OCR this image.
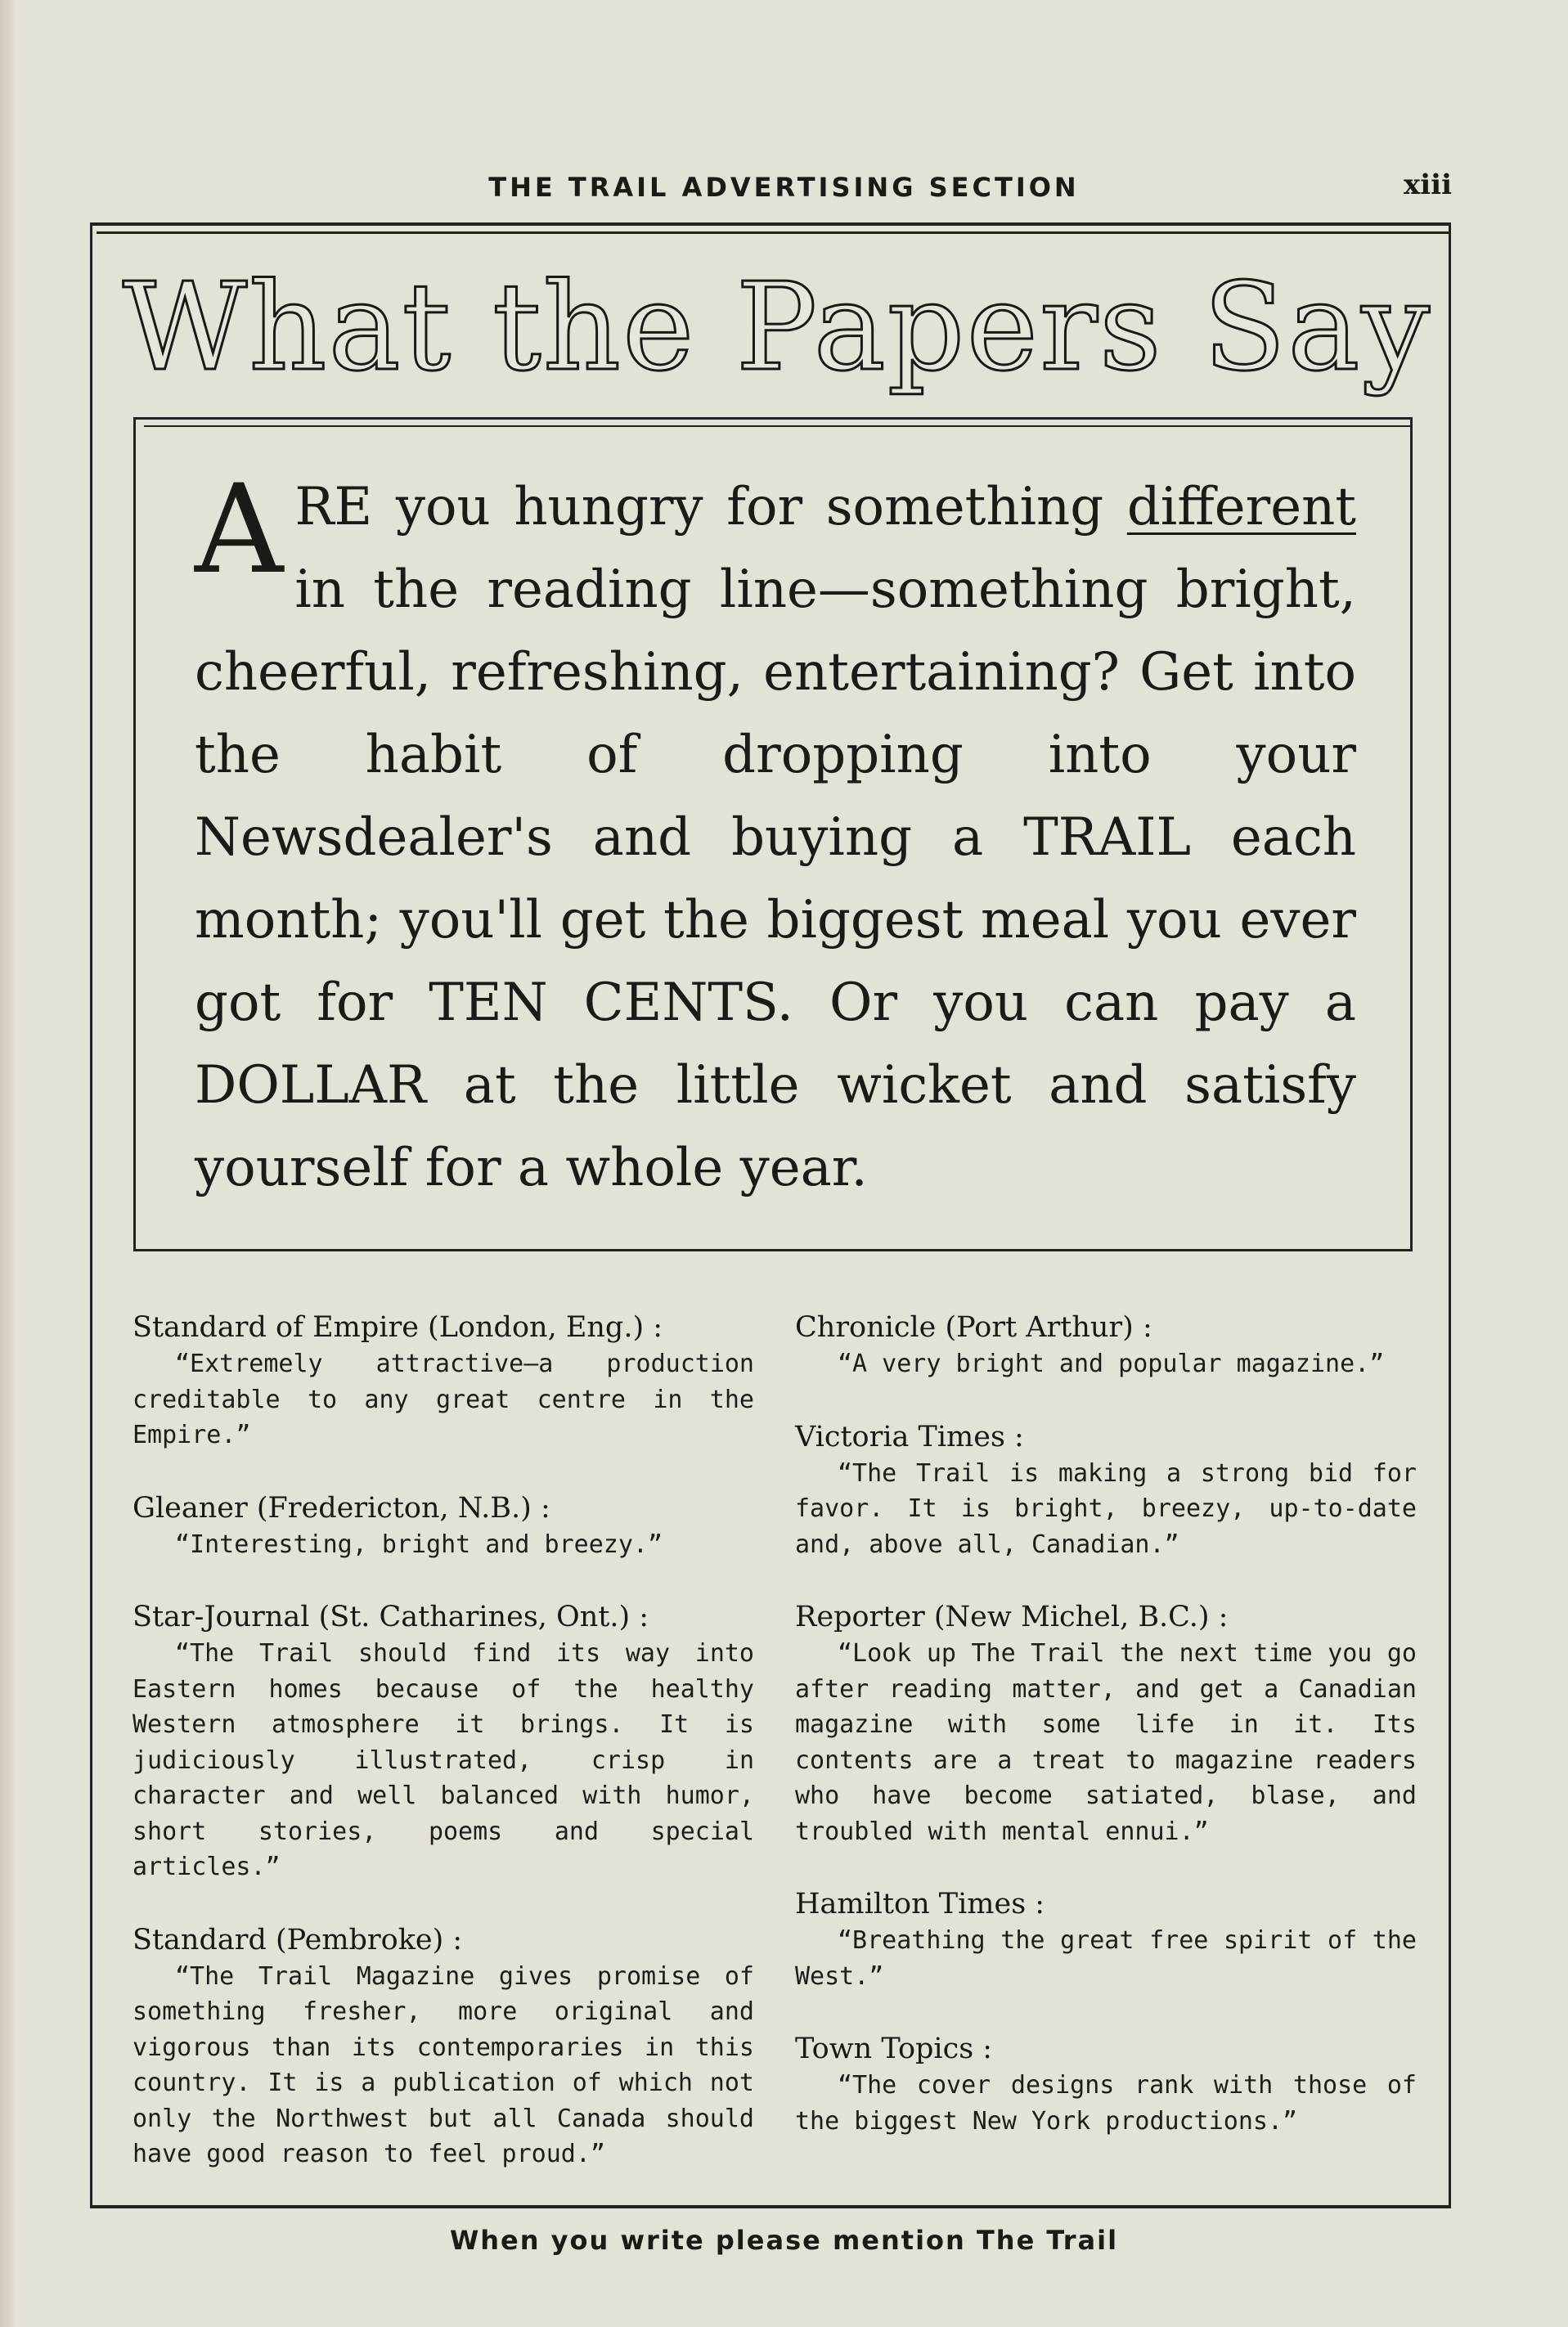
THE TRAIL ADVERTISING SECTION	xiii
What the Papers Say
ARE you hungry for something different in the reading line—something bright, cheerful, refreshing, entertaining? Get into the habit of dropping into your Newsdealer's and buying a TRAIL each month; you'll get the biggest meal you ever got for TEN CENTS. Or you can pay a DOLLAR at the little wicket and satisfy yourself for a whole year.
Standard of Empire (London, Eng.) :
“Extremely attractive—a production creditable to any great centre in the Empire.”
Gleaner (Fredericton, N.B.) :
“Interesting, bright and breezy.”
Star-Journal (St. Catharines, Ont.) :
“The Trail should find its way into Eastern homes because of the healthy Western atmosphere it brings. It is judiciously illustrated, crisp in character and well balanced with humor, short stories, poems and special articles.”
Standard (Pembroke) :
“The Trail Magazine gives promise of something fresher, more original and vigorous than its contemporaries in this country. It is a publication of which not only the Northwest but all Canada should have good reason to feel proud.”
Chronicle (Port Arthur) :
“A very bright and popular magazine.”
Victoria Times :
“The Trail is making a strong bid for favor. It is bright, breezy, up-to-date and, above all, Canadian.”
Reporter (New Michel, B.C.) :
“Look up The Trail the next time you go after reading matter, and get a Canadian magazine with some life in it. Its contents are a treat to magazine readers who have become satiated, blase, and troubled with mental ennui.”
Hamilton Times :
“Breathing the great free spirit of the West.”
Town Topics :
“The cover designs rank with those of the biggest New York productions.”
When you write please mention The Trail
